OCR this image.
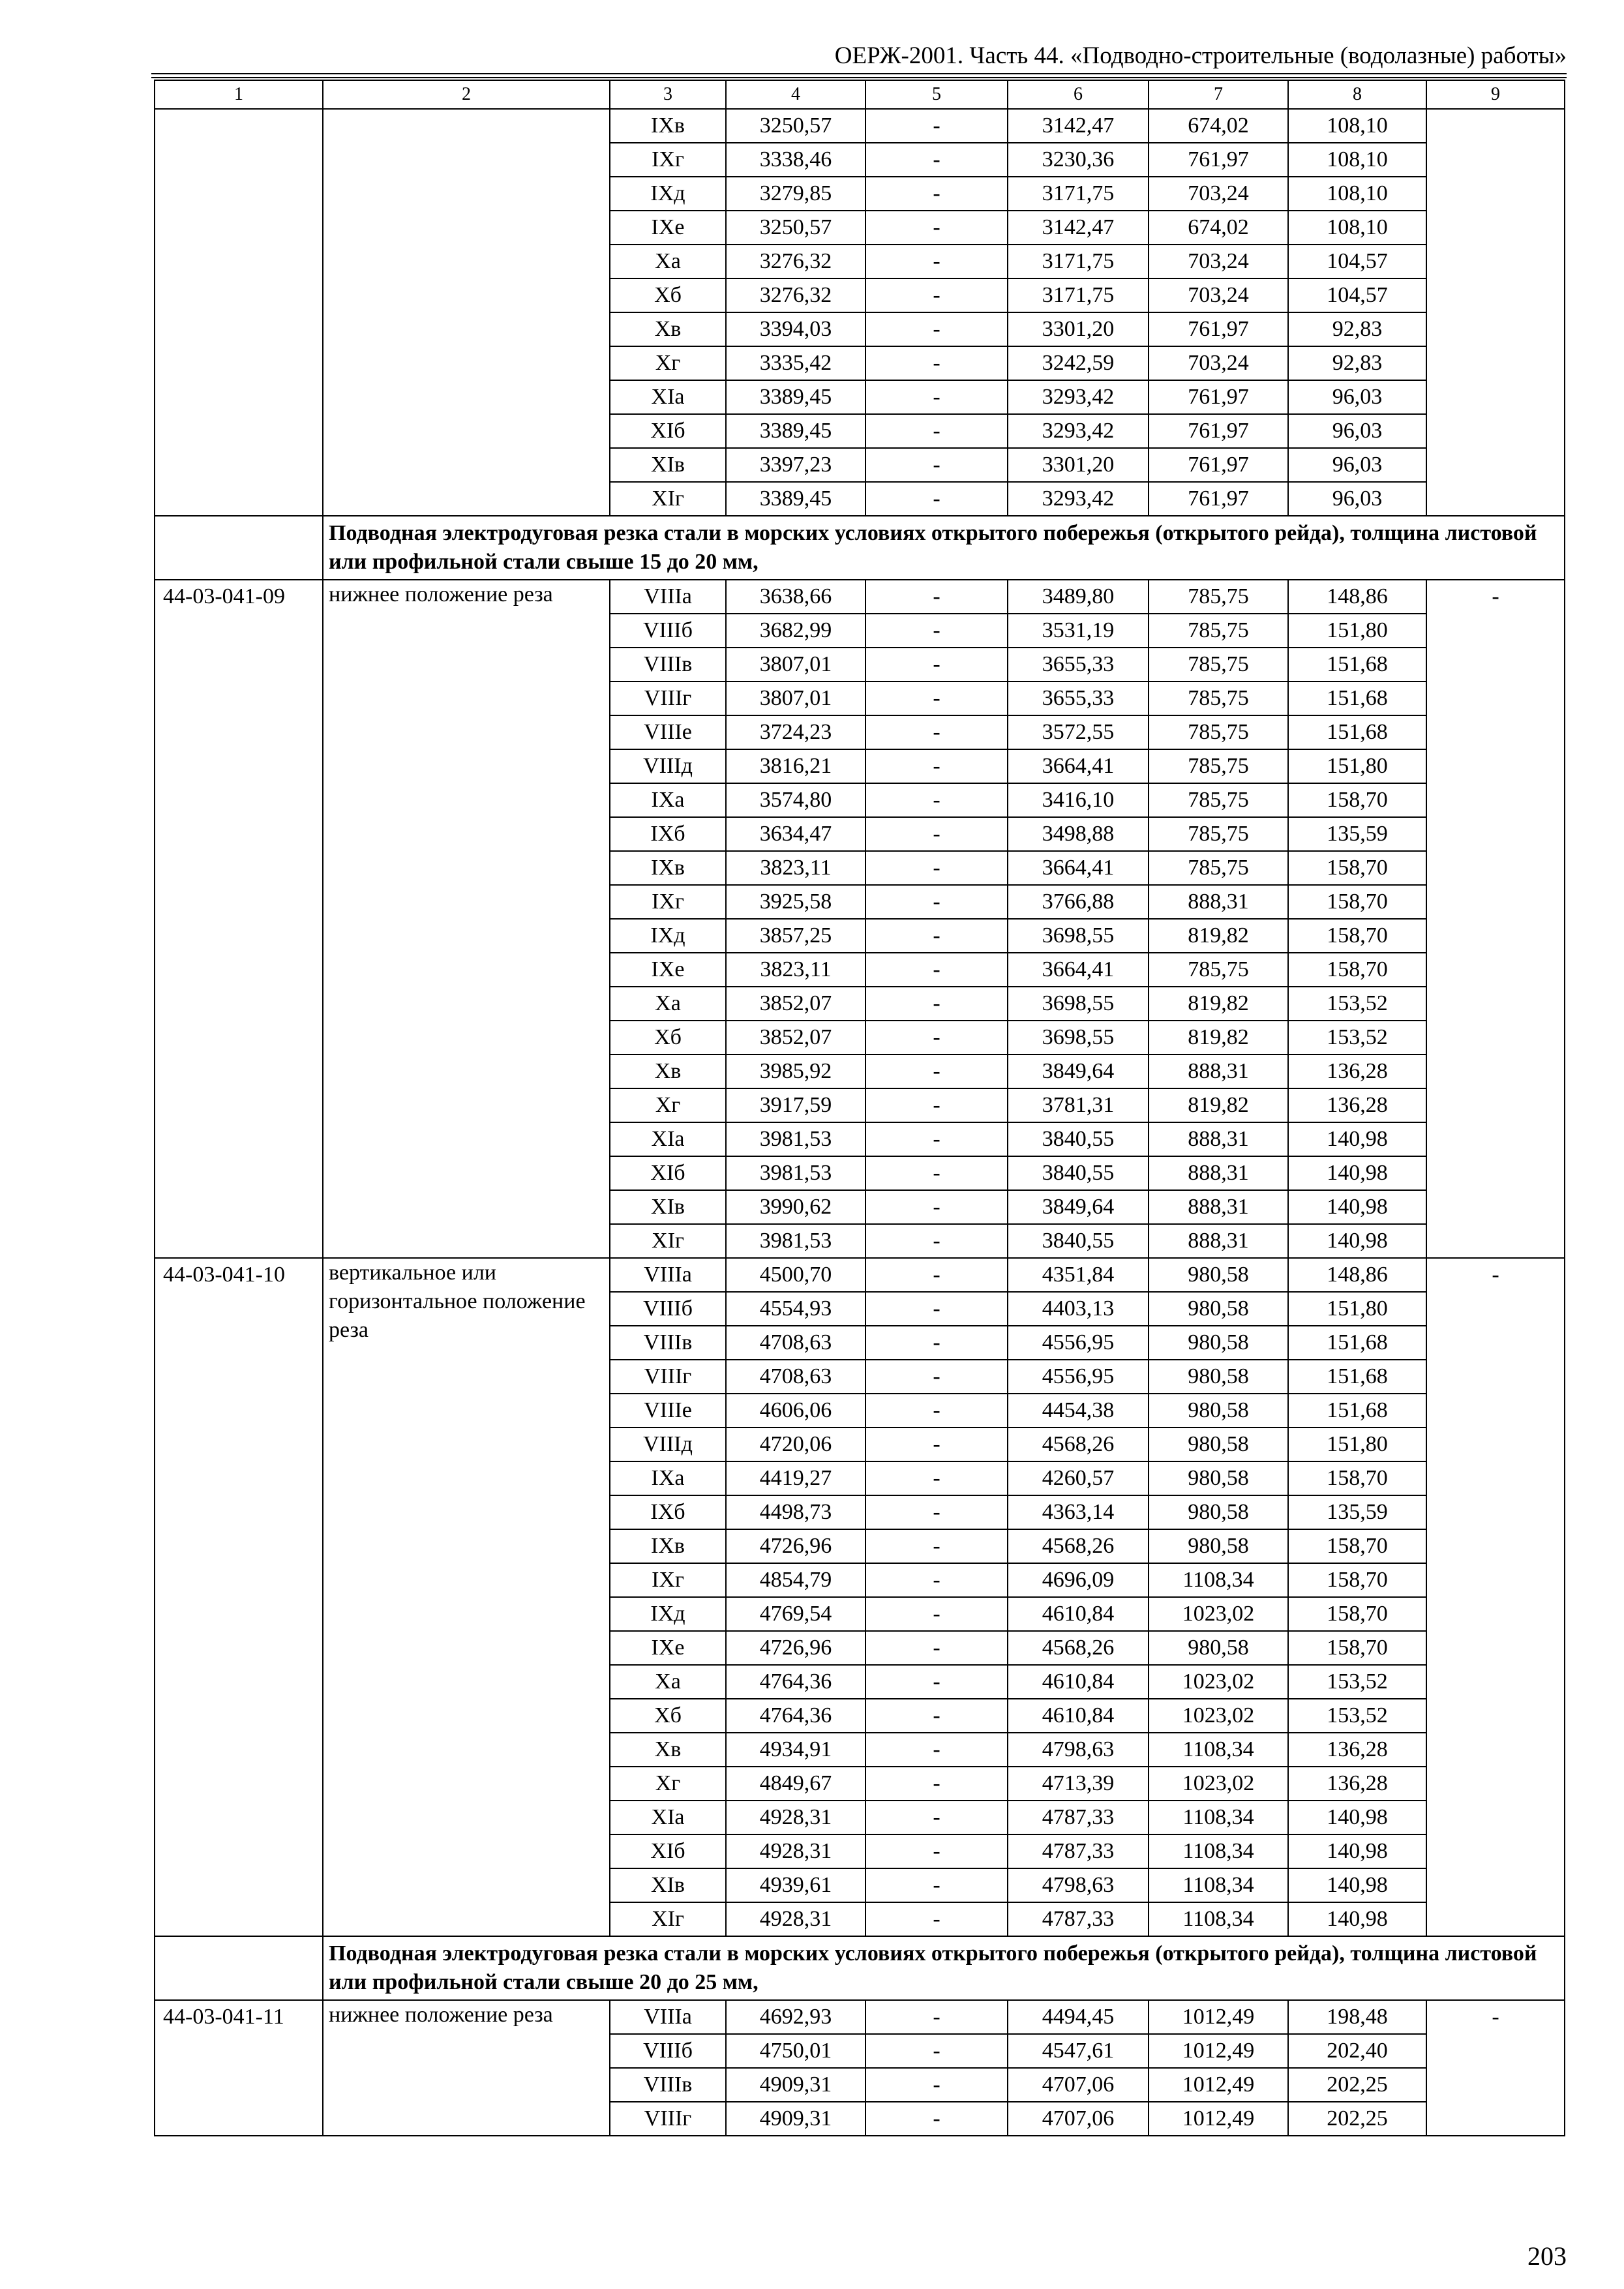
ОЕРЖ-2001. Часть 44. «Подводно-строительные (водолазные) работы»
1	2	3	4	5	6	7	8	9
		IXв	3250,57	-	3142,47	674,02	108,10	
		IXг	3338,46	-	3230,36	761,97	108,10	
		IXд	3279,85	-	3171,75	703,24	108,10	
		IXе	3250,57	-	3142,47	674,02	108,10	
		Xа	3276,32	-	3171,75	703,24	104,57	
		Xб	3276,32	-	3171,75	703,24	104,57	
		Xв	3394,03	-	3301,20	761,97	92,83	
		Xг	3335,42	-	3242,59	703,24	92,83	
		XIа	3389,45	-	3293,42	761,97	96,03	
		XIб	3389,45	-	3293,42	761,97	96,03	
		XIв	3397,23	-	3301,20	761,97	96,03	
		XIг	3389,45	-	3293,42	761,97	96,03	
	Подводная электродуговая резка стали в морских условиях открытого побережья (открытого рейда), толщина листовой или профильной стали свыше 15 до 20 мм,							
44-03-041-09	нижнее положение реза	VIIIа	3638,66	-	3489,80	785,75	148,86	-
		VIIIб	3682,99	-	3531,19	785,75	151,80	
		VIIIв	3807,01	-	3655,33	785,75	151,68	
		VIIIг	3807,01	-	3655,33	785,75	151,68	
		VIIIе	3724,23	-	3572,55	785,75	151,68	
		VIIIд	3816,21	-	3664,41	785,75	151,80	
		IXа	3574,80	-	3416,10	785,75	158,70	
		IXб	3634,47	-	3498,88	785,75	135,59	
		IXв	3823,11	-	3664,41	785,75	158,70	
		IXг	3925,58	-	3766,88	888,31	158,70	
		IXд	3857,25	-	3698,55	819,82	158,70	
		IXе	3823,11	-	3664,41	785,75	158,70	
		Xа	3852,07	-	3698,55	819,82	153,52	
		Xб	3852,07	-	3698,55	819,82	153,52	
		Xв	3985,92	-	3849,64	888,31	136,28	
		Xг	3917,59	-	3781,31	819,82	136,28	
		XIа	3981,53	-	3840,55	888,31	140,98	
		XIб	3981,53	-	3840,55	888,31	140,98	
		XIв	3990,62	-	3849,64	888,31	140,98	
		XIг	3981,53	-	3840,55	888,31	140,98	
44-03-041-10	вертикальное или горизонтальное положение реза	VIIIа	4500,70	-	4351,84	980,58	148,86	-
		VIIIб	4554,93	-	4403,13	980,58	151,80	
		VIIIв	4708,63	-	4556,95	980,58	151,68	
		VIIIг	4708,63	-	4556,95	980,58	151,68	
		VIIIе	4606,06	-	4454,38	980,58	151,68	
		VIIIд	4720,06	-	4568,26	980,58	151,80	
		IXа	4419,27	-	4260,57	980,58	158,70	
		IXб	4498,73	-	4363,14	980,58	135,59	
		IXв	4726,96	-	4568,26	980,58	158,70	
		IXг	4854,79	-	4696,09	1108,34	158,70	
		IXд	4769,54	-	4610,84	1023,02	158,70	
		IXе	4726,96	-	4568,26	980,58	158,70	
		Xа	4764,36	-	4610,84	1023,02	153,52	
		Xб	4764,36	-	4610,84	1023,02	153,52	
		Xв	4934,91	-	4798,63	1108,34	136,28	
		Xг	4849,67	-	4713,39	1023,02	136,28	
		XIа	4928,31	-	4787,33	1108,34	140,98	
		XIб	4928,31	-	4787,33	1108,34	140,98	
		XIв	4939,61	-	4798,63	1108,34	140,98	
		XIг	4928,31	-	4787,33	1108,34	140,98	
	Подводная электродуговая резка стали в морских условиях открытого побережья (открытого рейда), толщина листовой или профильной стали свыше 20 до 25 мм,							
44-03-041-11	нижнее положение реза	VIIIа	4692,93	-	4494,45	1012,49	198,48	-
		VIIIб	4750,01	-	4547,61	1012,49	202,40	
		VIIIв	4909,31	-	4707,06	1012,49	202,25	
		VIIIг	4909,31	-	4707,06	1012,49	202,25	
203
